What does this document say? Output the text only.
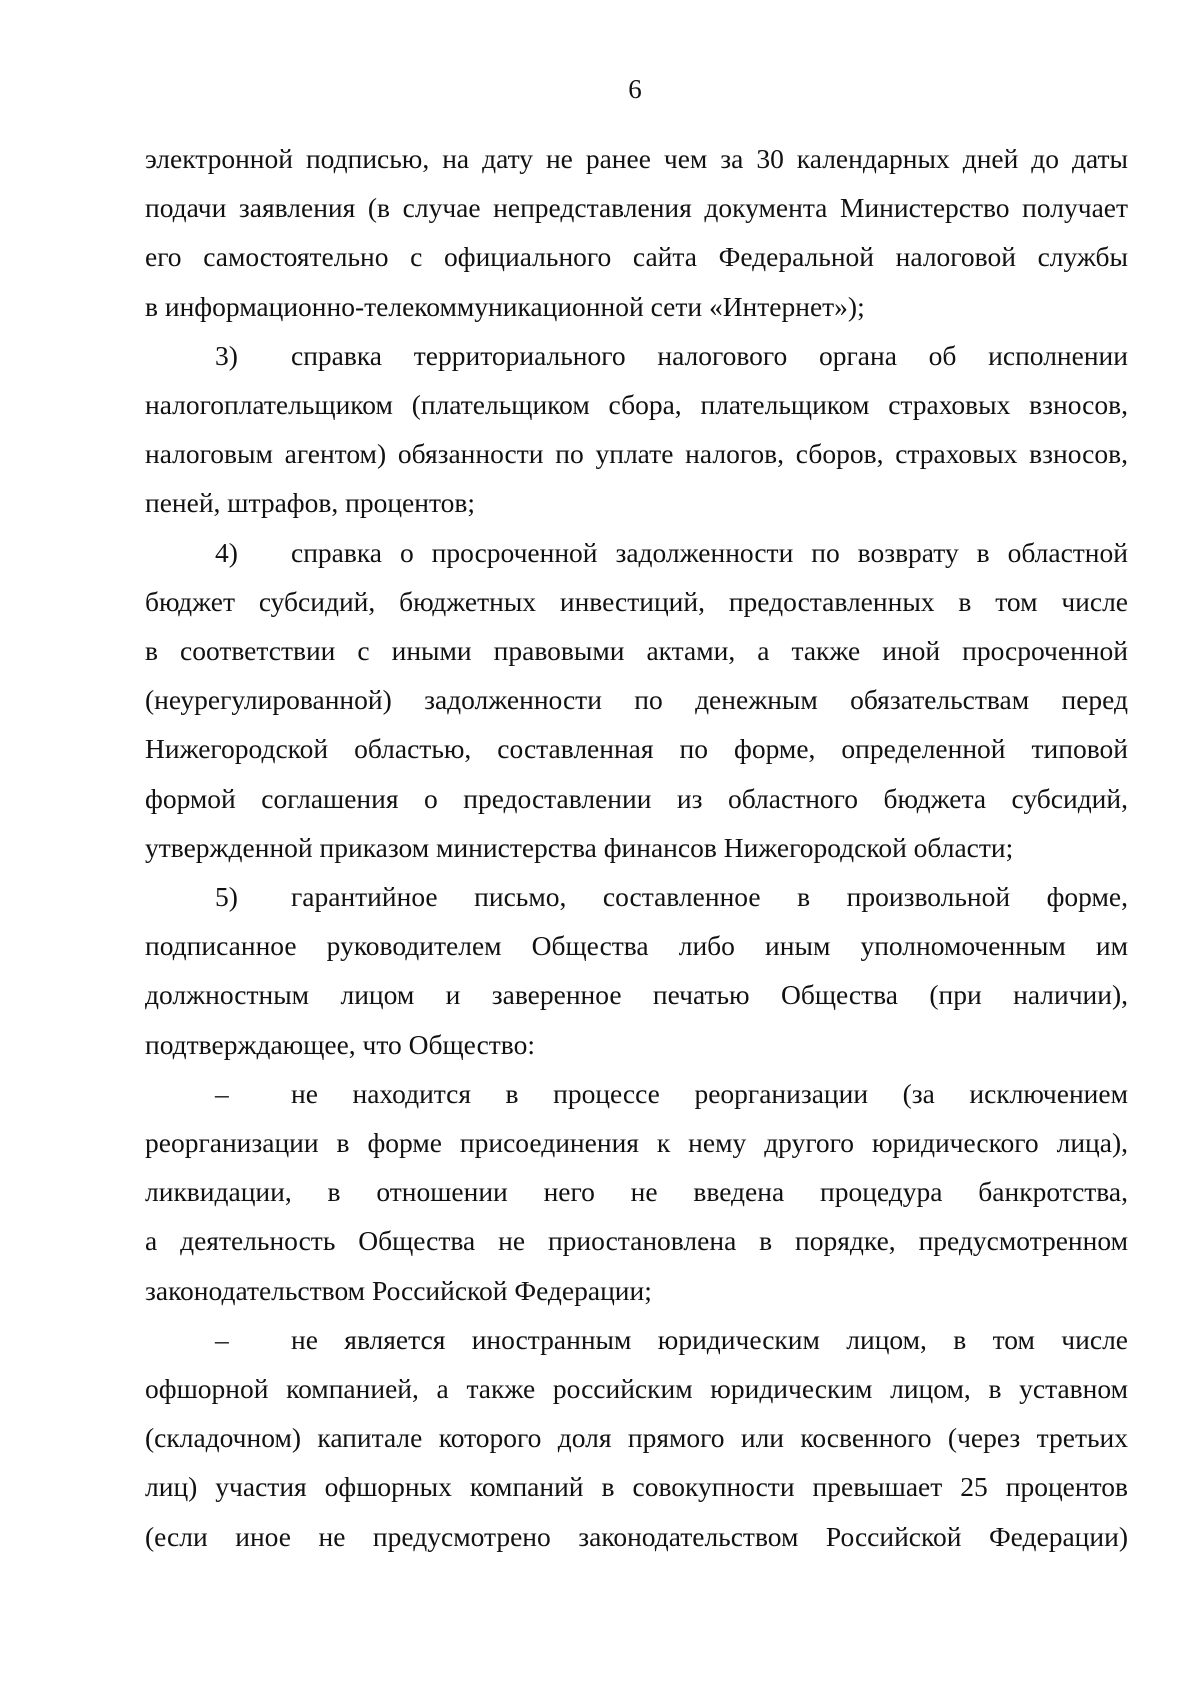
6
электронной подписью, на дату не ранее чем за 30 календарных дней до даты
подачи заявления (в случае непредставления документа Министерство получает
его самостоятельно с официального сайта Федеральной налоговой службы
в информационно-телекоммуникационной сети «Интернет»);
3) справка территориального налогового органа об исполнении
налогоплательщиком (плательщиком сбора, плательщиком страховых взносов,
налоговым агентом) обязанности по уплате налогов, сборов, страховых взносов,
пеней, штрафов, процентов;
4) справка о просроченной задолженности по возврату в областной
бюджет субсидий, бюджетных инвестиций, предоставленных в том числе
в соответствии с иными правовыми актами, а также иной просроченной
(неурегулированной) задолженности по денежным обязательствам перед
Нижегородской областью, составленная по форме, определенной типовой
формой соглашения о предоставлении из областного бюджета субсидий,
утвержденной приказом министерства финансов Нижегородской области;
5) гарантийное письмо, составленное в произвольной форме,
подписанное руководителем Общества либо иным уполномоченным им
должностным лицом и заверенное печатью Общества (при наличии),
подтверждающее, что Общество:
– не находится в процессе реорганизации (за исключением
реорганизации в форме присоединения к нему другого юридического лица),
ликвидации, в отношении него не введена процедура банкротства,
а деятельность Общества не приостановлена в порядке, предусмотренном
законодательством Российской Федерации;
– не является иностранным юридическим лицом, в том числе
офшорной компанией, а также российским юридическим лицом, в уставном
(складочном) капитале которого доля прямого или косвенного (через третьих
лиц) участия офшорных компаний в совокупности превышает 25 процентов
(если иное не предусмотрено законодательством Российской Федерации)
